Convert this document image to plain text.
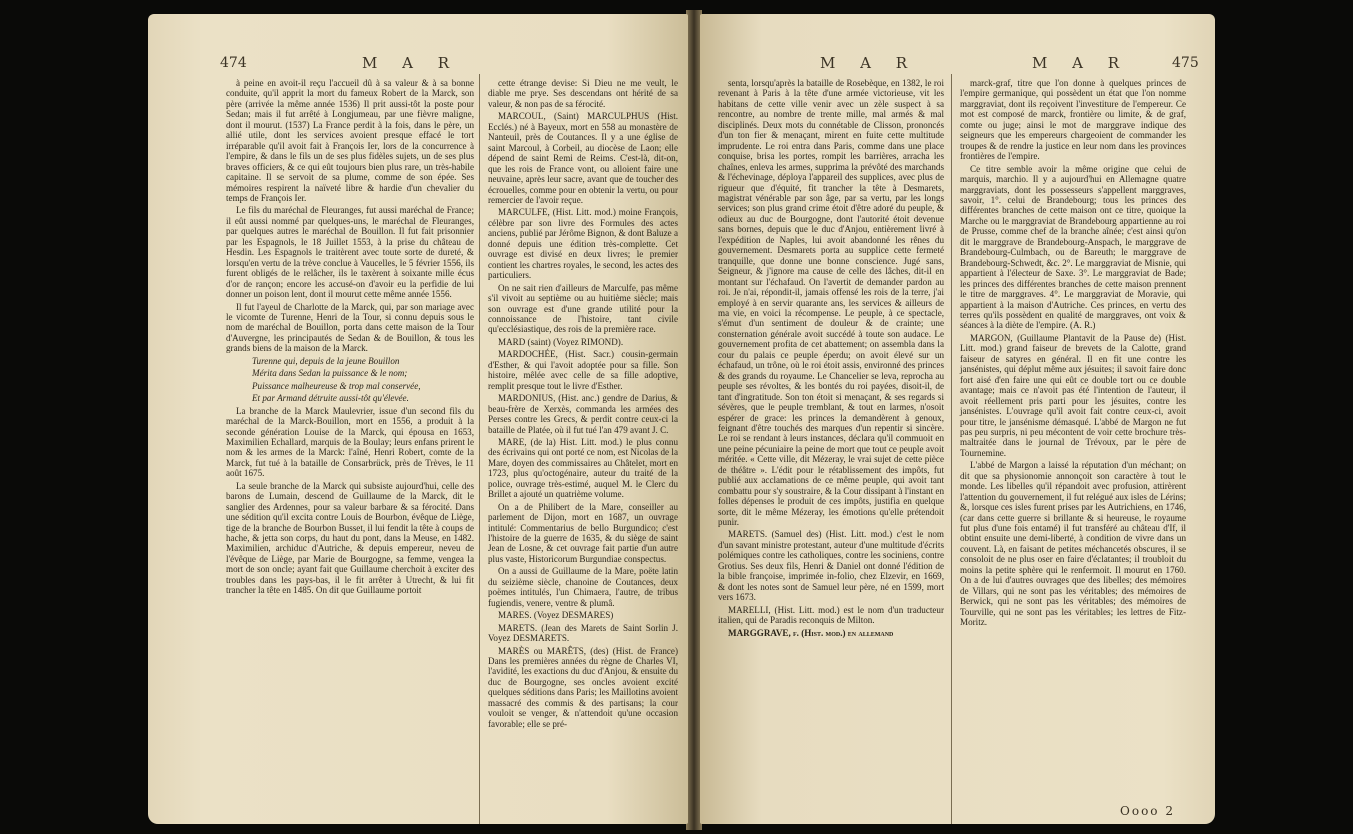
474	M A R

à peine en avoit-il reçu l'accueil dû à sa valeur & à sa bonne conduite, qu'il apprit la mort du fameux Robert de la Marck, son père (arrivée la même année 1536) Il prit aussi-tôt la poste pour Sedan; mais il fut arrêté à Longjumeau, par une fièvre maligne, dont il mourut. (1537) La France perdit à la fois, dans le père, un allié utile, dont les services avoient presque effacé le tort irréparable qu'il avoit fait à François Ier, lors de la concurrence à l'empire, & dans le fils un de ses plus fidèles sujets, un de ses plus braves officiers, & ce qui eût toujours bien plus rare, un très-habile capitaine. Il se servoit de sa plume, comme de son épée. Ses mémoires respirent la naïveté libre & hardie d'un chevalier du temps de François Ier.

Le fils du maréchal de Fleuranges, fut aussi maréchal de France; il eût aussi nommé par quelques-uns, le maréchal de Fleuranges, par quelques autres le maréchal de Bouillon. Il fut fait prisonnier par les Espagnols, le 18 Juillet 1553, à la prise du château de Hesdin. Les Espagnols le traitèrent avec toute sorte de dureté, & lorsqu'en vertu de la trève conclue à Vaucelles, le 5 février 1556, ils furent obligés de le relâcher, ils le taxèrent à soixante mille écus d'or de rançon; encore les accusé-on d'avoir eu la perfidie de lui donner un poison lent, dont il mourut cette même année 1556.

Il fut l'ayeul de Charlotte de la Marck, qui, par son mariage avec le vicomte de Turenne, Henri de la Tour, si connu depuis sous le nom de maréchal de Bouillon, porta dans cette maison de la Tour d'Auvergne, les principautés de Sedan & de Bouillon, & tous les grands biens de la maison de la Marck.

Turenne qui, depuis de la jeune Bouillon

Mérita dans Sedan la puissance & le nom;

Puissance malheureuse & trop mal conservée,

Et par Armand détruite aussi-tôt qu'élevée.

La branche de la Marck Maulevrier, issue d'un second fils du maréchal de la Marck-Bouillon, mort en 1556, a produit à la seconde génération Louise de la Marck, qui épousa en 1653, Maximilien Echallard, marquis de la Boulay; leurs enfans prirent le nom & les armes de la Marck: l'aîné, Henri Robert, comte de la Marck, fut tué à la bataille de Consarbrück, près de Trèves, le 11 août 1675.

La seule branche de la Marck qui subsiste aujourd'hui, celle des barons de Lumain, descend de Guillaume de la Marck, dit le sanglier des Ardennes, pour sa valeur barbare & sa férocité. Dans une sédition qu'il excita contre Louis de Bourbon, évêque de Liège, tige de la branche de Bourbon Busset, il lui fendit la tête à coups de hache, & jetta son corps, du haut du pont, dans la Meuse, en 1482. Maximilien, archiduc d'Autriche, & depuis empereur, neveu de l'évêque de Liège, par Marie de Bourgogne, sa femme, vengea la mort de son oncle; ayant fait que Guillaume cherchoit à exciter des troubles dans les pays-bas, il le fit arrêter à Utrecht, & lui fit trancher la tête en 1485. On dit que Guillaume portoit

cette étrange devise: Si Dieu ne me veult, le diable me prye. Ses descendans ont hérité de sa valeur, & non pas de sa férocité.

MARCOUL, (Saint) MARCULPHUS (Hist. Ecclés.) né à Bayeux, mort en 558 au monastère de Nanteuil, près de Coutances. Il y a une église de saint Marcoul, à Corbeil, au diocèse de Laon; elle dépend de saint Remi de Reims. C'est-là, dit-on, que les rois de France vont, ou alloient faire une neuvaine, après leur sacre, avant que de toucher des écrouelles, comme pour en obtenir la vertu, ou pour remercier de l'avoir reçue.

MARCULFE, (Hist. Litt. mod.) moine François, célèbre par son livre des Formules des actes anciens, publié par Jérôme Bignon, & dont Baluze a donné depuis une édition très-complette. Cet ouvrage est divisé en deux livres; le premier contient les chartres royales, le second, les actes des particuliers.

On ne sait rien d'ailleurs de Marculfe, pas même s'il vivoit au septième ou au huitième siècle; mais son ouvrage est d'une grande utilité pour la connoissance de l'histoire, tant civile qu'ecclésiastique, des rois de la première race.

MARD (saint) (Voyez RIMOND).

MARDOCHÉE, (Hist. Sacr.) cousin-germain d'Esther, & qui l'avoit adoptée pour sa fille. Son histoire, mêlée avec celle de sa fille adoptive, remplit presque tout le livre d'Esther.

MARDONIUS, (Hist. anc.) gendre de Darius, & beau-frère de Xerxès, commanda les armées des Perses contre les Grecs, & perdit contre ceux-ci la bataille de Platée, où il fut tué l'an 479 avant J. C.

MARE, (de la) Hist. Litt. mod.) le plus connu des écrivains qui ont porté ce nom, est Nicolas de la Mare, doyen des commissaires au Châtelet, mort en 1723, plus qu'octogénaire, auteur du traité de la police, ouvrage très-estimé, auquel M. le Clerc du Brillet a ajouté un quatrième volume.

On a de Philibert de la Mare, conseiller au parlement de Dijon, mort en 1687, un ouvrage intitulé: Commentarius de bello Burgundico; c'est l'histoire de la guerre de 1635, & du siège de saint Jean de Losne, & cet ouvrage fait partie d'un autre plus vaste, Historicorum Burgundiae conspectus.

On a aussi de Guillaume de la Mare, poëte latin du seizième siècle, chanoine de Coutances, deux poëmes intitulés, l'un Chimaera, l'autre, de tribus fugiendis, venere, ventre & plumâ.

MARES. (Voyez DESMARES)

MARETS. (Jean des Marets de Saint Sorlin J. Voyez DESMARETS.

MARÈS ou MARÊTS, (des) (Hist. de France) Dans les premières années du règne de Charles VI, l'avidité, les exactions du duc d'Anjou, & ensuite du duc de Bourgogne, ses oncles avoient excité quelques séditions dans Paris; les Maillotins avoient massacré des commis & des partisans; la cour vouloit se venger, & n'attendoit qu'une occasion favorable; elle se pré-

M A R	M A R	475

senta, lorsqu'après la bataille de Rosebèque, en 1382, le roi revenant à Paris à la tête d'une armée victorieuse, vit les habitans de cette ville venir avec un zèle suspect à sa rencontre, au nombre de trente mille, mal armés & mal disciplinés. Deux mots du connétable de Clisson, prononcés d'un ton fier & menaçant, mirent en fuite cette multitude imprudente. Le roi entra dans Paris, comme dans une place conquise, brisa les portes, rompit les barrières, arracha les chaînes, enleva les armes, supprima la prévôté des marchands & l'échevinage, déploya l'appareil des supplices, avec plus de rigueur que d'équité, fit trancher la tête à Desmarets, magistrat vénérable par son âge, par sa vertu, par les longs services; son plus grand crime étoit d'être adoré du peuple, & odieux au duc de Bourgogne, dont l'autorité étoit devenue sans bornes, depuis que le duc d'Anjou, entièrement livré à l'expédition de Naples, lui avoit abandonné les rênes du gouvernement. Desmarets porta au supplice cette fermeté tranquille, que donne une bonne conscience. Jugé sans, Seigneur, & j'ignore ma cause de celle des lâches, dit-il en montant sur l'échafaud. On l'avertit de demander pardon au roi. Je n'ai, répondit-il, jamais offensé les rois de la terre, j'ai employé à en servir quarante ans, les services & ailleurs de ma vie, en voici la récompense. Le peuple, à ce spectacle, s'émut d'un sentiment de douleur & de crainte; une consternation générale avoit succédé à toute son audace. Le gouvernement profita de cet abattement; on assembla dans la cour du palais ce peuple éperdu; on avoit élevé sur un échafaud, un trône, où le roi étoit assis, environné des princes & des grands du royaume. Le Chancelier se leva, reprocha au peuple ses révoltes, & les bontés du roi payées, disoit-il, de tant d'ingratitude. Son ton étoit si menaçant, & ses regards si sévères, que le peuple tremblant, & tout en larmes, n'osoit espérer de grace: les princes la demandèrent à genoux, feignant d'être touchés des marques d'un repentir si sincère. Le roi se rendant à leurs instances, déclara qu'il commuoit en une peine pécuniaire la peine de mort que tout ce peuple avoit méritée. « Cette ville, dit Mézeray, le vrai sujet de cette pièce de théâtre ». L'édit pour le rétablissement des impôts, fut publié aux acclamations de ce même peuple, qui avoit tant combattu pour s'y soustraire, & la Cour dissipant à l'instant en folles dépenses le produit de ces impôts, justifia en quelque sorte, dit le même Mézeray, les émotions qu'elle prétendoit punir.

MARETS. (Samuel des) (Hist. Litt. mod.) c'est le nom d'un savant ministre protestant, auteur d'une multitude d'écrits polémiques contre les catholiques, contre les sociniens, contre Grotius. Ses deux fils, Henri & Daniel ont donné l'édition de la bible françoise, imprimée in-folio, chez Elzevir, en 1669, & dont les notes sont de Samuel leur père, né en 1599, mort vers 1673.

MARELLI, (Hist. Litt. mod.) est le nom d'un traducteur italien, qui de Paradis reconquis de Milton.

MARGGRAVE, f. (Hist. mod.) en allemand

marck-graf, titre que l'on donne à quelques princes de l'empire germanique, qui possèdent un état que l'on nomme marggraviat, dont ils reçoivent l'investiture de l'empereur. Ce mot est composé de marck, frontière ou limite, & de graf, comte ou juge; ainsi le mot de marggrave indique des seigneurs que les empereurs chargeoient de commander les troupes & de rendre la justice en leur nom dans les provinces frontières de l'empire.

Ce titre semble avoir la même origine que celui de marquis, marchio. Il y a aujourd'hui en Allemagne quatre marggraviats, dont les possesseurs s'appellent marggraves, savoir, 1°. celui de Brandebourg; tous les princes des différentes branches de cette maison ont ce titre, quoique la Marche ou le marggraviat de Brandebourg appartienne au roi de Prusse, comme chef de la branche aînée; c'est ainsi qu'on dit le marggrave de Brandebourg-Anspach, le marggrave de Brandebourg-Culmbach, ou de Bareuth; le marggrave de Brandebourg-Schwedt, &c. 2°. Le marggraviat de Misnie, qui appartient à l'électeur de Saxe. 3°. Le marggraviat de Bade; les princes des différentes branches de cette maison prennent le titre de marggraves. 4°. Le marggraviat de Moravie, qui appartient à la maison d'Autriche. Ces princes, en vertu des terres qu'ils possèdent en qualité de marggraves, ont voix & séances à la diète de l'empire. (A. R.)

MARGON, (Guillaume Plantavit de la Pause de) (Hist. Litt. mod.) grand faiseur de brevets de la Calotte, grand faiseur de satyres en général. Il en fit une contre les jansénistes, qui déplut même aux jésuites; il savoit faire donc fort aisé d'en faire une qui eût ce double tort ou ce double avantage; mais ce n'avoit pas été l'intention de l'auteur, il avoit réellement pris parti pour les jésuites, contre les jansénistes. L'ouvrage qu'il avoit fait contre ceux-ci, avoit pour titre, le jansénisme démasqué. L'abbé de Margon ne fut pas peu surpris, ni peu mécontent de voir cette brochure très-maltraitée dans le journal de Trévoux, par le père de Tournemine.

L'abbé de Margon a laissé la réputation d'un méchant; on dit que sa physionomie annonçoit son caractère à tout le monde. Les libelles qu'il répandoit avec profusion, attirèrent l'attention du gouvernement, il fut relégué aux isles de Lérins; &, lorsque ces isles furent prises par les Autrichiens, en 1746, (car dans cette guerre si brillante & si heureuse, le royaume fut plus d'une fois entamé) il fut transféré au château d'If, il obtint ensuite une demi-liberté, à condition de vivre dans un couvent. Là, en faisant de petites méchancetés obscures, il se consoloit de ne plus oser en faire d'éclatantes; il troubloit du moins la petite sphère qui le renfermoit. Il mourut en 1760. On a de lui d'autres ouvrages que des libelles; des mémoires de Villars, qui ne sont pas les véritables; des mémoires de Berwick, qui ne sont pas les véritables; des mémoires de Tourville, qui ne sont pas les véritables; les lettres de Fitz-Moritz.

Oooo 2
